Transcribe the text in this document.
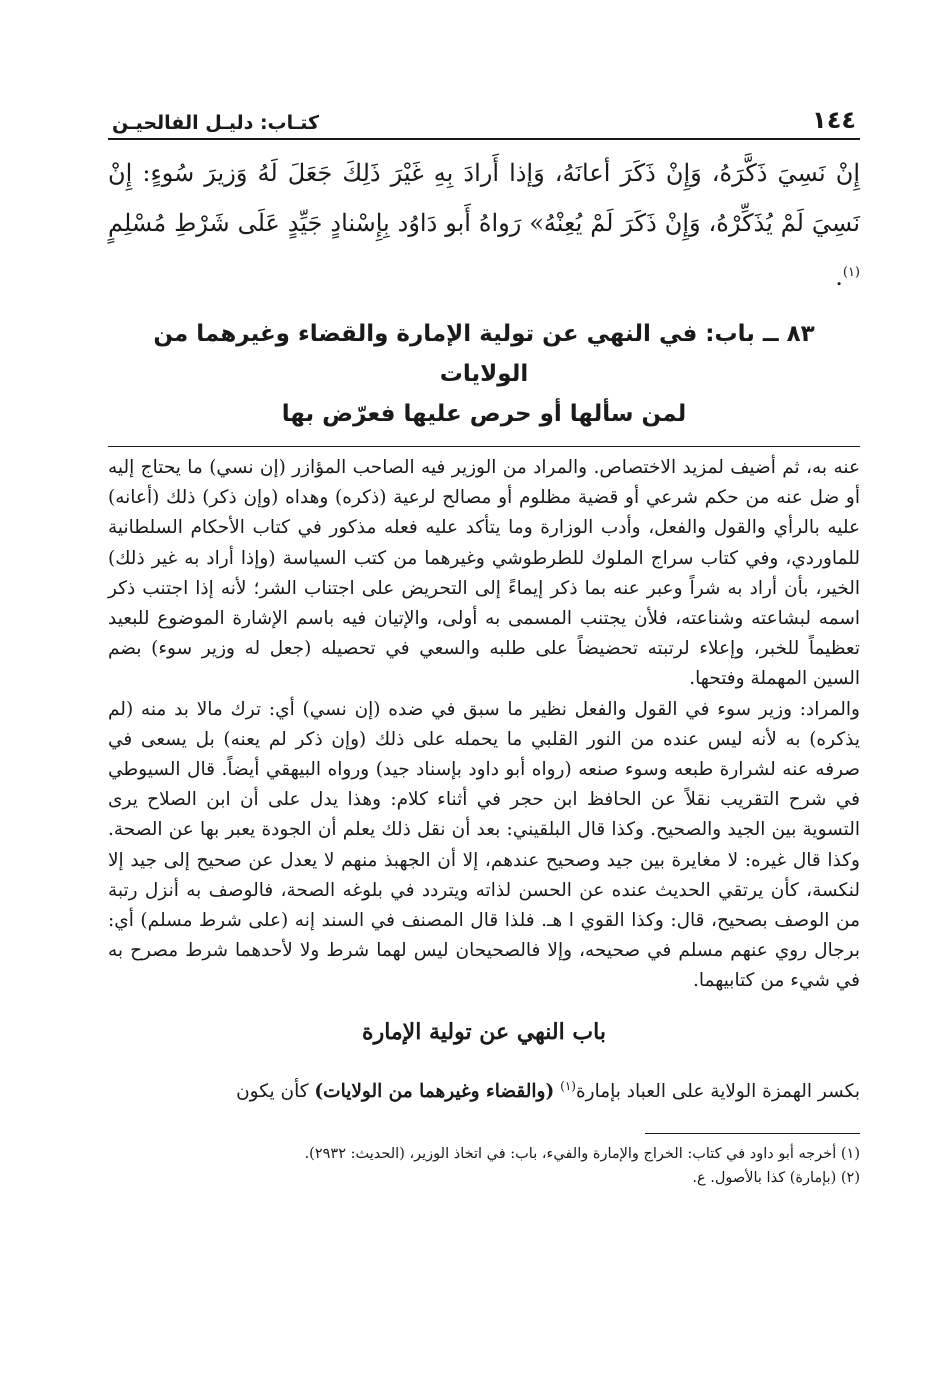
١٤٤
كتـاب: دليـل الفالحيـن
إِنْ نَسِيَ ذَكَّرَهُ، وَإِنْ ذَكَرَ أعانَهُ، وَإذا أَرادَ بِهِ غَيْرَ ذَلِكَ جَعَلَ لَهُ وَزيرَ سُوءٍ: إِنْ نَسِيَ لَمْ يُذَكِّرْهُ، وَإِنْ ذَكَرَ لَمْ يُعِنْهُ» رَواهُ أَبو دَاوُد بِإِسْنادٍ جَيِّدٍ عَلَى شَرْطِ مُسْلِمٍ $^{(١)}$.
٨٣ ــ باب: في النهي عن تولية الإمارة والقضاء وغيرهما من الولايات
لمن سألها أو حرص عليها فعرّض بها

عنه به، ثم أضيف لمزيد الاختصاص. والمراد من الوزير فيه الصاحب المؤازر (إن نسي) ما يحتاج إليه أو ضل عنه من حكم شرعي أو قضية مظلوم أو مصالح لرعية (ذكره) وهداه (وإن ذكر) ذلك (أعانه) عليه بالرأي والقول والفعل، وأدب الوزارة وما يتأكد عليه فعله مذكور في كتاب الأحكام السلطانية للماوردي، وفي كتاب سراج الملوك للطرطوشي وغيرهما من كتب السياسة (وإذا أراد به غير ذلك) الخير، بأن أراد به شراً وعبر عنه بما ذكر إيماءً إلى التحريض على اجتناب الشر؛ لأنه إذا اجتنب ذكر اسمه لبشاعته وشناعته، فلأن يجتنب المسمى به أولى، والإتيان فيه باسم الإشارة الموضوع للبعيد تعظيماً للخبر، وإعلاء لرتبته تحضيضاً على طلبه والسعي في تحصيله (جعل له وزير سوء) بضم السين المهملة وفتحها.

والمراد: وزير سوء في القول والفعل نظير ما سبق في ضده (إن نسي) أي: ترك مالا بد منه (لم يذكره) به لأنه ليس عنده من النور القلبي ما يحمله على ذلك (وإن ذكر لم يعنه) بل يسعى في صرفه عنه لشرارة طبعه وسوء صنعه (رواه أبو داود بإسناد جيد) ورواه البيهقي أيضاً. قال السيوطي في شرح التقريب نقلاً عن الحافظ ابن حجر في أثناء كلام: وهذا يدل على أن ابن الصلاح يرى التسوية بين الجيد والصحيح. وكذا قال البلقيني: بعد أن نقل ذلك يعلم أن الجودة يعبر بها عن الصحة. وكذا قال غيره: لا مغايرة بين جيد وصحيح عندهم، إلا أن الجهبذ منهم لا يعدل عن صحيح إلى جيد إلا لنكسة، كأن يرتقي الحديث عنده عن الحسن لذاته ويتردد في بلوغه الصحة، فالوصف به أنزل رتبة من الوصف بصحيح، قال: وكذا القوي ا هـ. فلذا قال المصنف في السند إنه (على شرط مسلم) أي: برجال روي عنهم مسلم في صحيحه، وإلا فالصحيحان ليس لهما شرط ولا لأحدهما شرط مصرح به في شيء من كتابيهما.

باب النهي عن تولية الإمارة
بكسر الهمزة الولاية على العباد بإمارة$^{(١)}$ (والقضاء وغيرهما من الولايات) كأن يكون
(١) أخرجه أبو داود في كتاب: الخراج والإمارة والفيء، باب: في اتخاذ الوزير، (الحديث: ٢٩٣٢).
(٢) (بإمارة) كذا بالأصول. ع.
